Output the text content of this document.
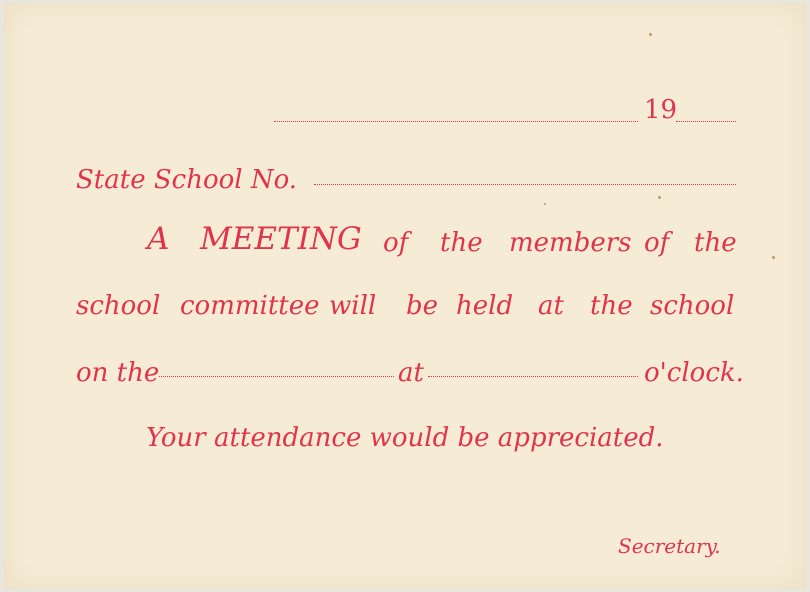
19
State School No.
A MEETING of the members of the
school committee will be held at the school
on the	at	o'clock.
Your attendance would be appreciated.
Secretary.
